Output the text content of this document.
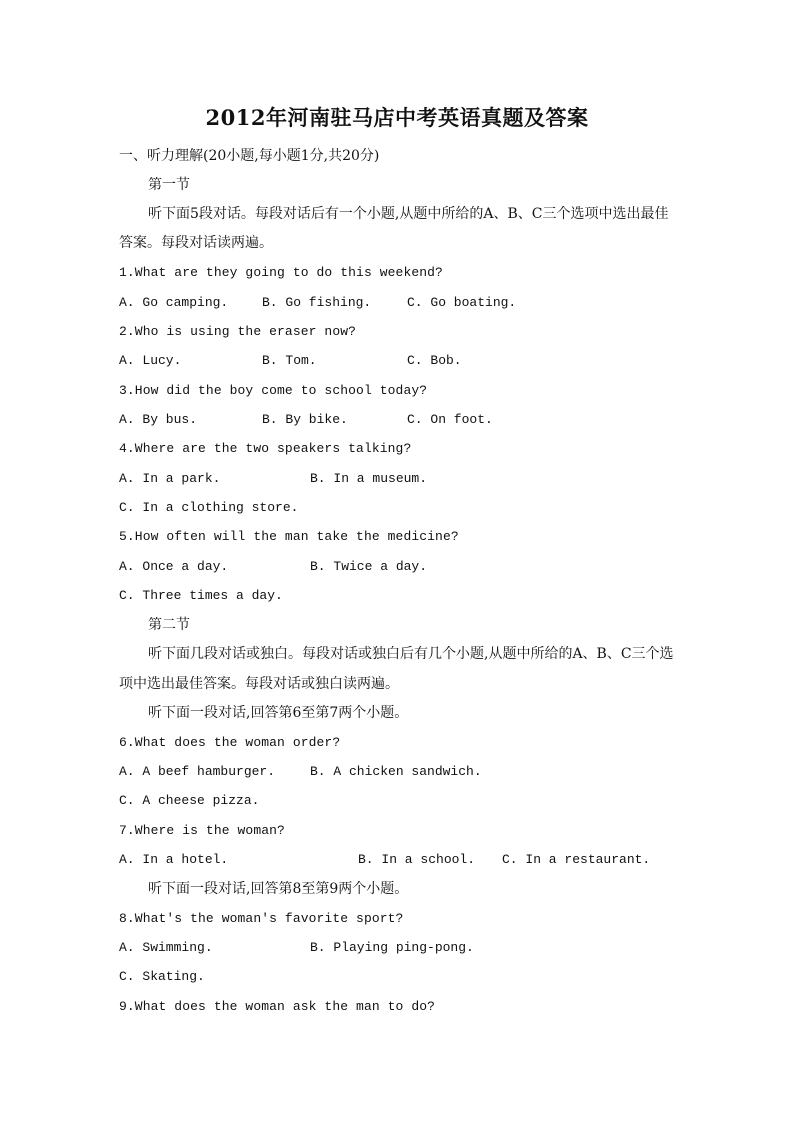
2012年河南驻马店中考英语真题及答案
一、听力理解(20小题,每小题1分,共20分)
第一节
听下面5段对话。每段对话后有一个小题,从题中所给的A、B、C三个选项中选出最佳
答案。每段对话读两遍。
1.What are they going to do this weekend?
A. Go camping.	B. Go fishing.	C. Go boating.
2.Who is using the eraser now?
A. Lucy.	B. Tom.	C. Bob.
3.How did the boy come to school today?
A. By bus.	B. By bike.	C. On foot.
4.Where are the two speakers talking?
A. In a park.	B. In a museum.
C. In a clothing store.
5.How often will the man take the medicine?
A. Once a day.	B. Twice a day.
C. Three times a day.
第二节
听下面几段对话或独白。每段对话或独白后有几个小题,从题中所给的A、B、C三个选
项中选出最佳答案。每段对话或独白读两遍。
听下面一段对话,回答第6至第7两个小题。
6.What does the woman order?
A. A beef hamburger.	B. A chicken sandwich.
C. A cheese pizza.
7.Where is the woman?
A. In a hotel.	B. In a school. C. In a restaurant.
听下面一段对话,回答第8至第9两个小题。
8.What's the woman's favorite sport?
A. Swimming.	B. Playing ping-pong.
C. Skating.
9.What does the woman ask the man to do?
